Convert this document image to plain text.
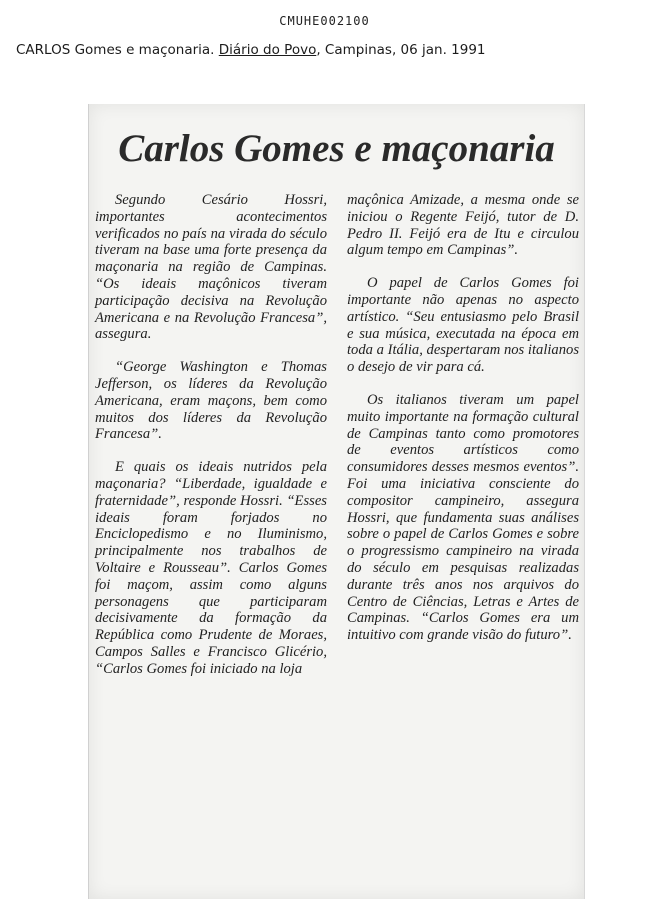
CMUHE002100
CARLOS Gomes e maçonaria. Diário do Povo, Campinas, 06 jan. 1991
Carlos Gomes e maçonaria

Segundo Cesário Hossri, importantes acontecimentos verificados no país na virada do século tiveram na base uma forte presença da maçonaria na região de Campinas. “Os ideais maçônicos tiveram participação decisiva na Revolução Americana e na Revolução Francesa”, assegura.

“George Washington e Thomas Jefferson, os líderes da Revolução Americana, eram maçons, bem como muitos dos líderes da Revolução Francesa”.

E quais os ideais nutridos pela maçonaria? “Liberdade, igualdade e fraternidade”, responde Hossri. “Esses ideais foram forjados no Enciclopedismo e no Iluminismo, principalmente nos trabalhos de Voltaire e Rousseau”. Carlos Gomes foi maçom, assim como alguns personagens que participaram decisivamente da formação da República como Prudente de Moraes, Campos Salles e Francisco Glicério, “Carlos Gomes foi iniciado na loja

maçônica Amizade, a mesma onde se iniciou o Regente Feijó, tutor de D. Pedro II. Feijó era de Itu e circulou algum tempo em Campinas”.

O papel de Carlos Gomes foi importante não apenas no aspecto artístico. “Seu entusiasmo pelo Brasil e sua música, executada na época em toda a Itália, despertaram nos italianos o desejo de vir para cá.

Os italianos tiveram um papel muito importante na formação cultural de Campinas tanto como promotores de eventos artísticos como consumidores desses mesmos eventos”. Foi uma iniciativa consciente do compositor campineiro, assegura Hossri, que fundamenta suas análises sobre o papel de Carlos Gomes e sobre o progressismo campineiro na virada do século em pesquisas realizadas durante três anos nos arquivos do Centro de Ciências, Letras e Artes de Campinas. “Carlos Gomes era um intuitivo com grande visão do futuro”.
